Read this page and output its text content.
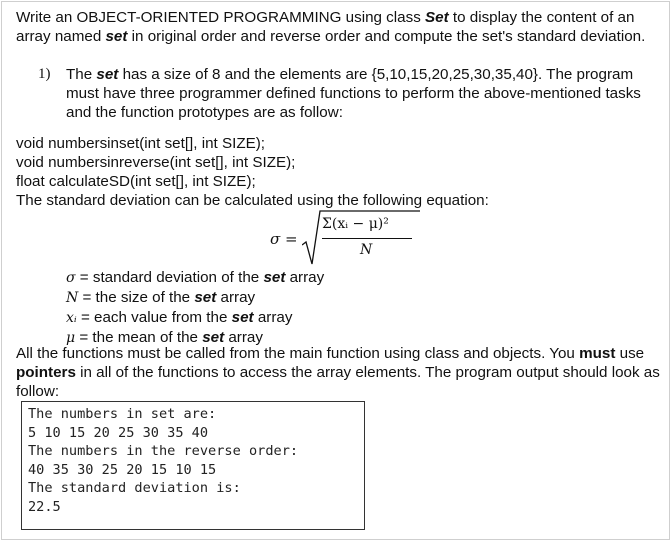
Write an OBJECT-ORIENTED PROGRAMMING using class Set to display the content of an array named set in original order and reverse order and compute the set's standard deviation.
1) The set has a size of 8 and the elements are {5,10,15,20,25,30,35,40}. The program must have three programmer defined functions to perform the above-mentioned tasks and the function prototypes are as follow:
void numbersinset(int set[], int SIZE);
void numbersinreverse(int set[], int SIZE);
float calculateSD(int set[], int SIZE);
The standard deviation can be calculated using the following equation:
σ =
Σ(xᵢ − μ)²
N
σ = standard deviation of the set array
N = the size of the set array
xᵢ = each value from the set array
μ = the mean of the set array
All the functions must be called from the main function using class and objects. You must use pointers in all of the functions to access the array elements. The program output should look as follow:
The numbers in set are:
5 10 15 20 25 30 35 40
The numbers in the reverse order:
40 35 30 25 20 15 10 15
The standard deviation is:
22.5
